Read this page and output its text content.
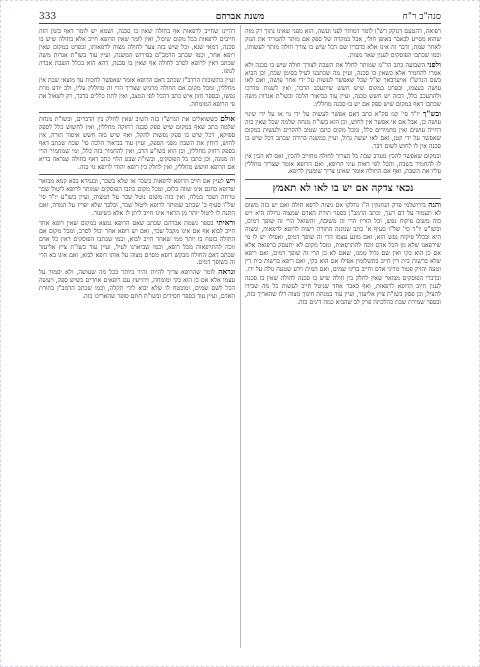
סנה"ב ר"ח
משנת אברהם
333

רפואה, דהטעם דנזקק רש"ז לומר דמותר לפני ועשה, הוא מפני שאינו נתוך רק מזה שהוא מסייע לבאבר באופן חולי, אבל במקרה של ספק אם מותר להטריד את הנזק לאחר שמת, ודבר זה אינו אלא כדבריו שם דכל שיש בו צורך חולה מותר לעשותו, וכמו שכתבו הפוסקים לענין שאר מצות.

ולפני השבועה כתב הר"מ שמותר לחלל את השבת לצורך חולה שיש בו סכנה ולא אמרו להחמיר אלא כשאין בו סכנה, ועיין מה שכתבנו לעיל בסימן שכח, וכן הביא בשם הגרש"ז אויערבאך זצ"ל שכל שאפשר לעשות על ידי אחר עושה, ואם לאו עושה בעצמו, ובפרט במקום שיש חשש שיתעכב הדבר, ואין לשנות מדרכו ולהתעכב כלל, דבזה יש חשש סכנה, ועיין עוד בביאור הלכה ובשו"ת אגרות משה שכתבו דאף במקום שיש ספק אם יש בו סכנה מחללין.

ובש"ך יו"ד סי' קנז סק"א כתב דאם אפשר לעשות על ידי גוי או על ידי שינוי עושה כן, אבל אם אי אפשר אין לחוש, וכן הוא בשו"ת מנחת שלמה שכל שאין בזה דחייה עושים ואין מחמירים כלל, ומכל מקום כתבו שטוב להקדים ולעשות במקום שאפשר על ידי קטן, ואם לאו יעשה גדול, ועיין במשנה ברורה שכתב דכל שיש בו סכנה אין לו לחוש לשום דבר.

ובמקום שאפשר להכין מערב שבת כל הצריך לחולה מחוייב להכין, ואם לא הכין אין לו להחמיר בשבת, והכל לפי ראות עיני הרופא, ואם הרופא אומר שצריך מחללין עליו את השבת, ואף אם החולה אומר שאינו צריך שומעין לרופא.

נכאי צדקה אם יש בו לאו לא תאמץ

והנה בירושלמי פרק הנחנקין ה"ו נחלקו אם מצוה לרפא חולה ואם יש בזה משום לא תעמוד על דם רעך, וכתב הרמב"ן בספר תורת האדם שמצוה גדולה היא ויש בזה משום פיקוח נפש, וכל הזריז הרי זה משובח, והשואל הרי זה שופך דמים, ובשו"ע יו"ד סי' של"ו סעיף א' כתב שנתנה התורה רשות לרופא לרפאות, ומצוה היא ובכלל פיקוח נפש הוא, ואם מונע עצמו הרי זה שופך דמים, ואפילו יש לו מי שירפאנו שלא מן הכל אדם זוכה להתרפאות, ומכל מקום לא יתעסק ברפואה אלא אם כן הוא בקי ואין שם גדול ממנו, שאם לא כן הרי זה שופך דמים, ואם ריפא שלא ברשות בית דין חייב בתשלומין אפילו אם הוא בקי, ואם ריפא ברשות בית דין וטעה והזיק פטור מדיני אדם וחייב בדיני שמים, ואם המית וידע שטעה גולה על ידו.

ובדברי הפוסקים מבואר שאין לחלק בין חולה שיש בו סכנה לחולה שאין בו סכנה לענין חיוב הרופא לרפאות, ואף באבר אחד שניטל חייב לעשות כל מה שבידו להציל, וכן פסק בשו"ת ציץ אליעזר, ועיין עוד במנחת חינוך מצוה רלז שהאריך בזה, ובספר שמירת שבת כהלכתה פרק לב שהביא כמה דינים בזה.

דהיינו שחייב לרפאות אף בחולה שאין בו סכנה, ושמא יש לומר דאף בזמן הזה חייבים לרפאות בכל מקום שיכול, ואין לומר שאין הרופא חייב אלא בחולה שיש בו סכנה, דמאי שנא, וכל שיש בזה צער לחולה מצוה לרפאותו, ובפרט במקום שאין רופא אחר, וכמו שכתב הרמב"ם בפירוש המשנה, ועיין עוד בשו"ת אגרות משה שכתב דאין לרופא לסרב לחולה אף שאין בו סכנה, דהא הוא בכלל השבת אבדה לגופו.

ועיין בתשובות הרדב"ז שכתב דאם הרופא אומר שאפשר לחכות עד מוצאי שבת אין מחללין, ומכל מקום אם החולה מרגיש שצריך הרי זה מחללין עליו, ולב יודע מרת נפשו, ובספר חזון איש כתב דהכל לפי המצב, ואין לתת כללים בדבר, רק לשאול את פי הרופא המומחה.

אולם כששואלים את הגרש"ז בזה השיב שאין לחלק בין הדברים, ובשו"ת מנחת שלמה כתב שאף במקום שיש ספק סכנה רחוקה מחללין, ואין לחשוש כלל לספק ספיקא, דכל שיש בו ספק נפשות להקל, ואף שיש בזה חשש איסור תורה, אין לחוש, דוחין את השבת מפני הספק, ועיין עוד בביאור הלכה סי' שכח שכתב דאף בספק רחוק מחללין, וכן הוא בשו"ע הרב, ואין להחמיר בזה כלל, ומי שמחמיר הרי זה מגונה, וכן כתבו כל הפוסקים, ובשו"ת שבט הלוי כתב דאף בחולה שנראה בריא אם הרופא חושש מחללין, ואין לחלק בין רופא יהודי לרופא גוי בזה.

ויש לעיין אם חייב הרופא לרפאות בשכר או שלא בשכר, ובגמרא בבא קמא מבואר שרופא בחנם אינו שווה כלום, ומכל מקום כתבו הפוסקים שמותר לרופא ליטול שכר טרחה ושכר בטלה, ואין בזה משום נוטל שכר על המצוה, ועיין בשו"ע יו"ד סי' של"ו סעיף ב' שכתב שמותר לרופא ליטול שכר, ובלבד שלא יפריז על המדה, ואם התנה לו ליטול יותר מן הראוי אינו חייב ליתן לו אלא כשיעור.

וראיתי בספר נשמת אברהם שכתב שאם הרופא נמצא במקום שאין רופא אחר חייב לבוא אף אם אינו מקבל שכר, ואם יש רופא אחר יכול לסרב, ומכל מקום אם החולה בוטח בו יותר ממי שאחר חייב לבוא, וכמו שכתבו הפוסקים דאין כל אדם זוכה להתרפאות מכל רופא, וכמו שביארנו לעיל, ועיין עוד בשו"ת ציץ אליעזר שכתב דאם החולה מבקש רופא מסוים מצוה על אותו רופא לבוא, ואם אינו בא הרי זה כשופך דמים.

ונראה לומר שהרופא צריך להיות זהיר ביותר בכל מה שעושה, ולא יסמוך על עצמו אלא אם כן הוא בקי ומומחה, ויתייעץ עם רופאים אחרים כשיש ספק, ויעשה הכל לשם שמים, ומובטח לו שלא יבוא לידי תקלה, וכמו שכתב הרמב"ן בתורת האדם, ועיין עוד בספר חסידים ובשו"ת חתם סופר שהאריכו בזה.
